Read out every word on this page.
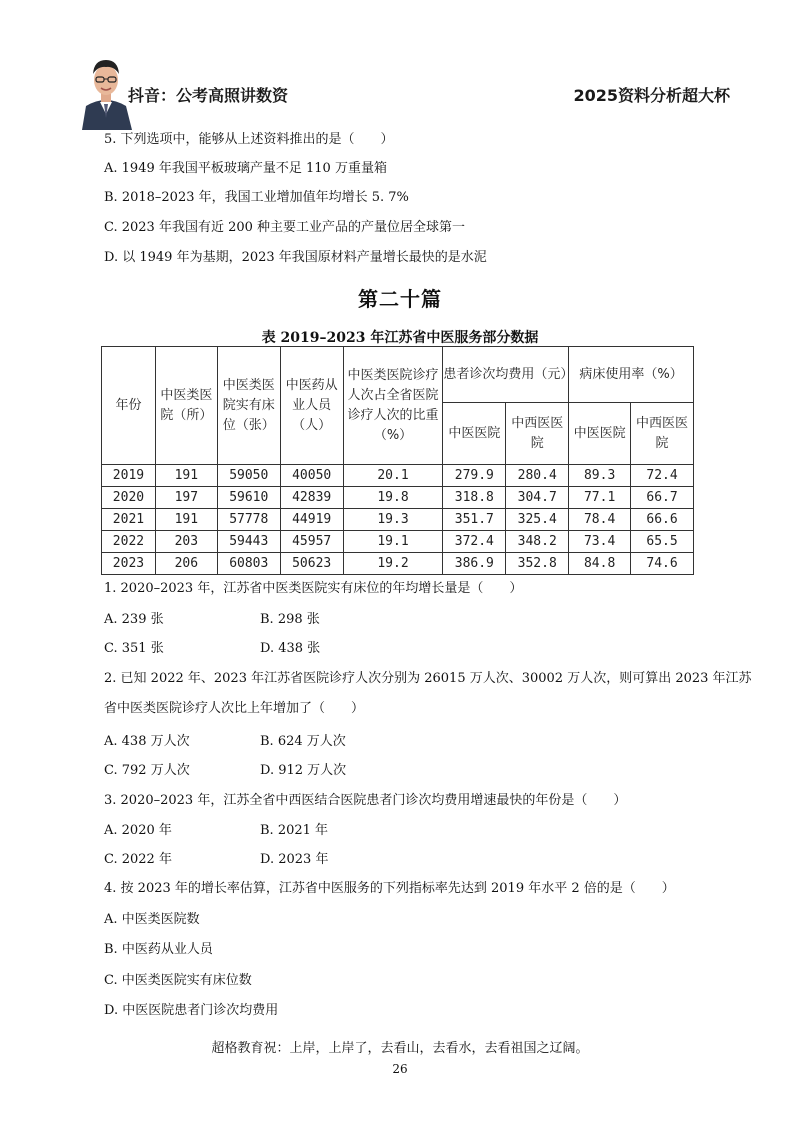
抖音：公考高照讲数资	2025资料分析超大杯
5. 下列选项中，能够从上述资料推出的是（　　）
A. 1949 年我国平板玻璃产量不足 110 万重量箱
B. 2018–2023 年，我国工业增加值年均增长 5. 7%
C. 2023 年我国有近 200 种主要工业产品的产量位居全球第一
D. 以 1949 年为基期，2023 年我国原材料产量增长最快的是水泥
第二十篇
表 2019–2023 年江苏省中医服务部分数据
年份	中医类医院（所）	中医类医院实有床位（张）	中医药从业人员（人）	中医类医院诊疗人次占全省医院诊疗人次的比重（%）	患者诊次均费用（元）		病床使用率（%）	
					中医医院	中西医医院	中医医院	中西医医院
2019	191	59050	40050	20.1	279.9	280.4	89.3	72.4
2020	197	59610	42839	19.8	318.8	304.7	77.1	66.7
2021	191	57778	44919	19.3	351.7	325.4	78.4	66.6
2022	203	59443	45957	19.1	372.4	348.2	73.4	65.5
2023	206	60803	50623	19.2	386.9	352.8	84.8	74.6
1. 2020–2023 年，江苏省中医类医院实有床位的年均增长量是（　　）
A. 239 张	B. 298 张
C. 351 张	D. 438 张
2. 已知 2022 年、2023 年江苏省医院诊疗人次分别为 26015 万人次、30002 万人次，则可算出 2023 年江苏
省中医类医院诊疗人次比上年增加了（　　）
A. 438 万人次	B. 624 万人次
C. 792 万人次	D. 912 万人次
3. 2020–2023 年，江苏全省中西医结合医院患者门诊次均费用增速最快的年份是（　　）
A. 2020 年	B. 2021 年
C. 2022 年	D. 2023 年
4. 按 2023 年的增长率估算，江苏省中医服务的下列指标率先达到 2019 年水平 2 倍的是（　　）
A. 中医类医院数
B. 中医药从业人员
C. 中医类医院实有床位数
D. 中医医院患者门诊次均费用
超格教育祝：上岸，上岸了，去看山，去看水，去看祖国之辽阔。
26
